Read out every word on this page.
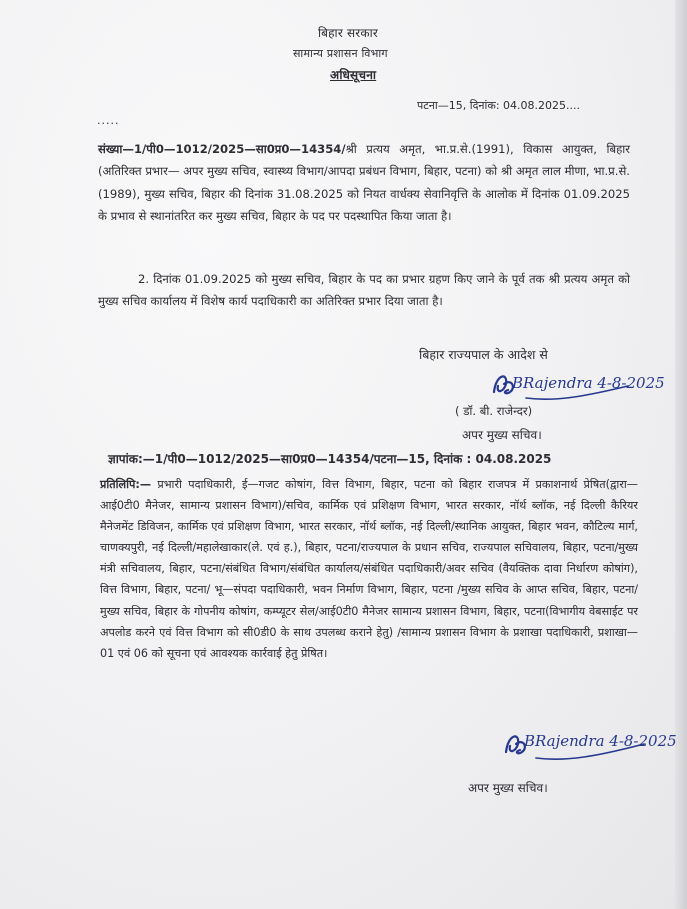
बिहार सरकार
सामान्य प्रशासन विभाग
अधिसूचना
पटना—15, दिनांक: 04.08.2025....
.....
संख्या—1/पी0—1012/2025—सा0प्र0—14354/श्री प्रत्यय अमृत, भा.प्र.से.(1991), विकास आयुक्त, बिहार (अतिरिक्त प्रभार— अपर मुख्य सचिव, स्वास्थ्य विभाग/आपदा प्रबंधन विभाग, बिहार, पटना) को श्री अमृत लाल मीणा, भा.प्र.से. (1989), मुख्य सचिव, बिहार की दिनांक 31.08.2025 को नियत वार्धक्य सेवानिवृत्ति के आलोक में दिनांक 01.09.2025 के प्रभाव से स्थानांतरित कर मुख्य सचिव, बिहार के पद पर पदस्थापित किया जाता है।
2. दिनांक 01.09.2025 को मुख्य सचिव, बिहार के पद का प्रभार ग्रहण किए जाने के पूर्व तक श्री प्रत्यय अमृत को मुख्य सचिव कार्यालय में विशेष कार्य पदाधिकारी का अतिरिक्त प्रभार दिया जाता है।
बिहार राज्यपाल के आदेश से
BRajendra 4-8-2025
( डॉ. बी. राजेन्दर)
अपर मुख्य सचिव।
ज्ञापांक:—1/पी0—1012/2025—सा0प्र0—14354/पटना—15, दिनांक : 04.08.2025
प्रतिलिपि:— प्रभारी पदाधिकारी, ई—गजट कोषांग, वित्त विभाग, बिहार, पटना को बिहार राजपत्र में प्रकाशनार्थ प्रेषित(द्वारा—आई0टी0 मैनेजर, सामान्य प्रशासन विभाग)/सचिव, कार्मिक एवं प्रशिक्षण विभाग, भारत सरकार, नॉर्थ ब्लॉक, नई दिल्ली कैरियर मैनेजमेंट डिविजन, कार्मिक एवं प्रशिक्षण विभाग, भारत सरकार, नॉर्थ ब्लॉक, नई दिल्ली/स्थानिक आयुक्त, बिहार भवन, कौटिल्य मार्ग, चाणक्यपुरी, नई दिल्ली/महालेखाकार(ले. एवं ह.), बिहार, पटना/राज्यपाल के प्रधान सचिव, राज्यपाल सचिवालय, बिहार, पटना/मुख्य मंत्री सचिवालय, बिहार, पटना/संबंधित विभाग/संबंधित कार्यालय/संबंधित पदाधिकारी/अवर सचिव (वैयक्तिक दावा निर्धारण कोषांग), वित्त विभाग, बिहार, पटना/ भू—संपदा पदाधिकारी, भवन निर्माण विभाग, बिहार, पटना /मुख्य सचिव के आप्त सचिव, बिहार, पटना/मुख्य सचिव, बिहार के गोपनीय कोषांग, कम्प्यूटर सेल/आई0टी0 मैनेजर सामान्य प्रशासन विभाग, बिहार, पटना(विभागीय वेबसाईट पर अपलोड करने एवं वित्त विभाग को सी0डी0 के साथ उपलब्ध कराने हेतु) /सामान्य प्रशासन विभाग के प्रशाखा पदाधिकारी, प्रशाखा—01 एवं 06 को सूचना एवं आवश्यक कार्रवाई हेतु प्रेषित।
BRajendra 4-8-2025
अपर मुख्य सचिव।
